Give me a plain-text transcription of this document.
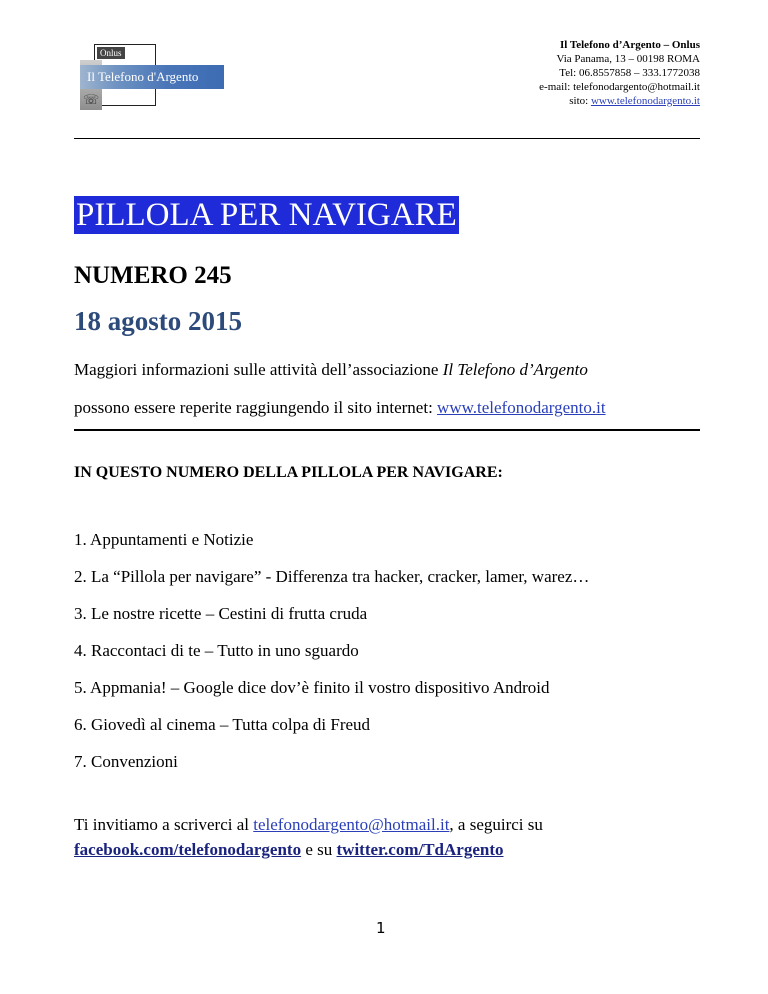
Onlus
Il Telefono d'Argento
☏
Il Telefono d’Argento – Onlus
Via Panama, 13 – 00198 ROMA
Tel: 06.8557858 – 333.1772038
e-mail: telefonodargento@hotmail.it
sito: www.telefonodargento.it
PILLOLA PER NAVIGARE
NUMERO 245
18 agosto 2015
Maggiori informazioni sulle attività dell’associazione Il Telefono d’Argento
possono essere reperite raggiungendo il sito internet: www.telefonodargento.it
IN QUESTO NUMERO DELLA PILLOLA PER NAVIGARE:
1. Appuntamenti e Notizie
2. La “Pillola per navigare” - Differenza tra hacker, cracker, lamer, warez…
3. Le nostre ricette – Cestini di frutta cruda
4. Raccontaci di te – Tutto in uno sguardo
5. Appmania! – Google dice dov’è finito il vostro dispositivo Android
6. Giovedì al cinema – Tutta colpa di Freud
7. Convenzioni
Ti invitiamo a scriverci al telefonodargento@hotmail.it, a seguirci su
facebook.com/telefonodargento e su twitter.com/TdArgento
1
